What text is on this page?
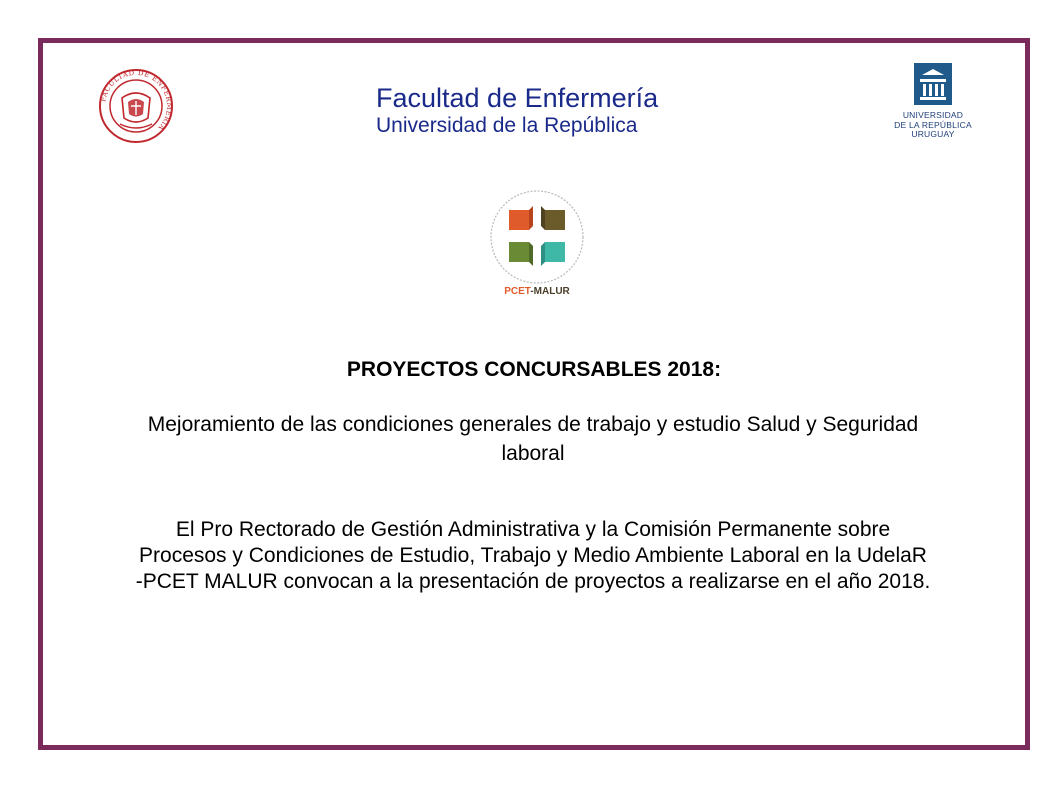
FACULTAD DE ENFERMERIA
Facultad de Enfermería
Universidad de la República	UNIVERSIDAD
DE LA REPÚBLICA
URUGUAY
PCET-MALUR
PROYECTOS CONCURSABLES 2018:
Mejoramiento de las condiciones generales de trabajo y estudio Salud y Seguridad laboral
El Pro Rectorado de Gestión Administrativa y la Comisión Permanente sobre Procesos y Condiciones de Estudio, Trabajo y Medio Ambiente Laboral en la UdelaR -PCET MALUR convocan a la presentación de proyectos a realizarse en el año 2018.
